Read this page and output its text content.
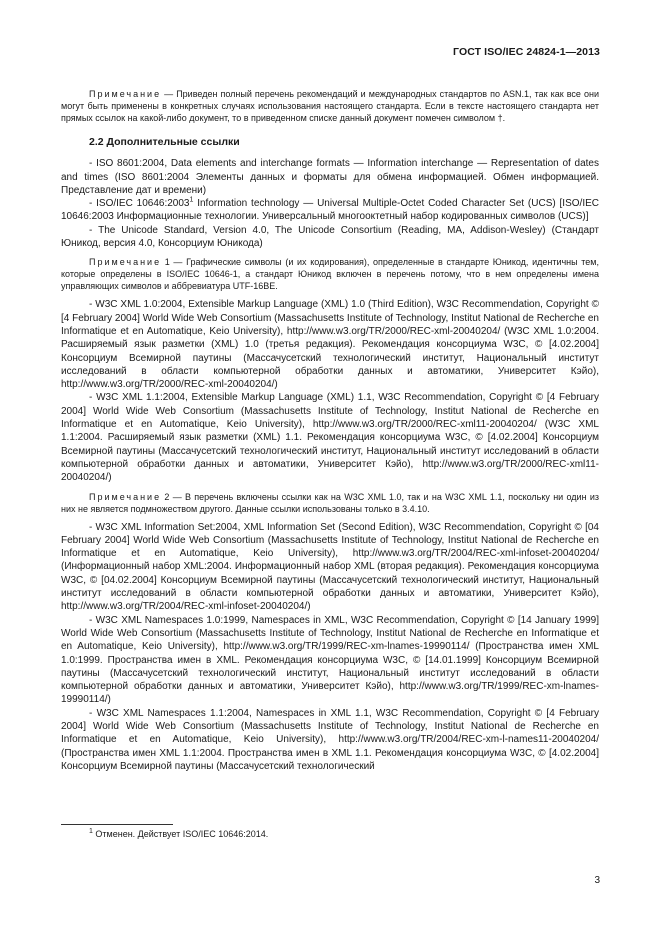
ГОСТ ISO/IEC 24824-1—2013

Примечание — Приведен полный перечень рекомендаций и международных стандартов по ASN.1, так как все они могут быть применены в конкретных случаях использования настоящего стандарта. Если в тексте настоящего стандарта нет прямых ссылок на какой-либо документ, то в приведенном списке данный документ помечен символом †.

2.2 Дополнительные ссылки

- ISO 8601:2004, Data elements and interchange formats — Information interchange — Representation of dates and times (ISO 8601:2004 Элементы данных и форматы для обмена информацией. Обмен информацией. Представление дат и времени)

- ISO/IEC 10646:2003$^1$ Information technology — Universal Multiple-Octet Coded Character Set (UCS) [ISO/IEC 10646:2003 Информационные технологии. Универсальный многооктетный набор кодированных символов (UCS)]

- The Unicode Standard, Version 4.0, The Unicode Consortium (Reading, MA, Addison-Wesley) (Стандарт Юникод, версия 4.0, Консорциум Юникода)

Примечание 1 — Графические символы (и их кодирования), определенные в стандарте Юникод, идентичны тем, которые определены в ISO/IEC 10646-1, а стандарт Юникод включен в перечень потому, что в нем определены имена управляющих символов и аббревиатура UTF-16BE.

- W3C XML 1.0:2004, Extensible Markup Language (XML) 1.0 (Third Edition), W3C Recommendation, Copyright © [4 February 2004] World Wide Web Consortium (Massachusetts Institute of Technology, Institut National de Recherche en Informatique et en Automatique, Keio University), http://www.w3.org/TR/2000/REC-xml-20040204/ (W3C XML 1.0:2004. Расширяемый язык разметки (XML) 1.0 (третья редакция). Рекомендация консорциума W3C, © [4.02.2004] Консорциум Всемирной паутины (Массачусетский технологический институт, Национальный институт исследований в области компьютерной обработки данных и автоматики, Университет Кэйо), http://www.w3.org/TR/2000/REC-xml-20040204/)

- W3C XML 1.1:2004, Extensible Markup Language (XML) 1.1, W3C Recommendation, Copyright © [4 February 2004] World Wide Web Consortium (Massachusetts Institute of Technology, Institut National de Recherche en Informatique et en Automatique, Keio University), http://www.w3.org/TR/2000/REC-xml11-20040204/ (W3C XML 1.1:2004. Расширяемый язык разметки (XML) 1.1. Рекомендация консорциума W3C, © [4.02.2004] Консорциум Всемирной паутины (Массачусетский технологический институт, Национальный институт исследований в области компьютерной обработки данных и автоматики, Университет Кэйо), http://www.w3.org/TR/2000/REC-xml11-20040204/)

Примечание 2 — В перечень включены ссылки как на W3C XML 1.0, так и на W3C XML 1.1, поскольку ни один из них не является подмножеством другого. Данные ссылки использованы только в 3.4.10.

- W3C XML Information Set:2004, XML Information Set (Second Edition), W3C Recommendation, Copyright © [04 February 2004] World Wide Web Consortium (Massachusetts Institute of Technology, Institut National de Recherche en Informatique et en Automatique, Keio University), http://www.w3.org/TR/2004/REC-xml-infoset-20040204/ (Информационный набор XML:2004. Информационный набор XML (вторая редакция). Рекомендация консорциума W3C, © [04.02.2004] Консорциум Всемирной паутины (Массачусетский технологический институт, Национальный институт исследований в области компьютерной обработки данных и автоматики, Университет Кэйо), http://www.w3.org/TR/2004/REC-xml-infoset-20040204/)

- W3C XML Namespaces 1.0:1999, Namespaces in XML, W3C Recommendation, Copyright © [14 January 1999] World Wide Web Consortium (Massachusetts Institute of Technology, Institut National de Recherche en Informatique et en Automatique, Keio University), http://www.w3.org/TR/1999/REC-xm-lnames-19990114/ (Пространства имен XML 1.0:1999. Пространства имен в XML. Рекомендация консорциума W3C, © [14.01.1999] Консорциум Всемирной паутины (Массачусетский технологический институт, Национальный институт исследований в области компьютерной обработки данных и автоматики, Университет Кэйо), http://www.w3.org/TR/1999/REC-xm-lnames-19990114/)

- W3C XML Namespaces 1.1:2004, Namespaces in XML 1.1, W3C Recommendation, Copyright © [4 February 2004] World Wide Web Consortium (Massachusetts Institute of Technology, Institut National de Recherche en Informatique et en Automatique, Keio University), http://www.w3.org/TR/2004/REC-xm-l-names11-20040204/ (Пространства имен XML 1.1:2004. Пространства имен в XML 1.1. Рекомендация консорциума W3C, © [4.02.2004] Консорциум Всемирной паутины (Массачусетский технологический

$^1$ Отменен. Действует ISO/IEC 10646:2014.
3
